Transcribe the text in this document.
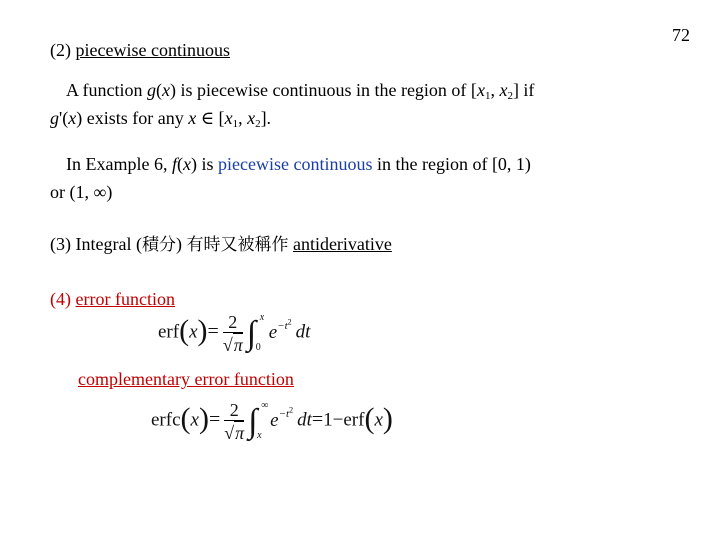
72
(2) piecewise continuous
A function g(x) is piecewise continuous in the region of [$x_1$, $x_2$] if
g'(x) exists for any x ∈ [$x_1$, $x_2$].
In Example 6, f(x) is piecewise continuous in the region of [0, 1)
or (1, ∞)
(3) Integral (積分) 有時又被稱作 antiderivative
(4) error function
$erf(x)= \frac{2}{√\pi}$ ∫ x
0
$e^{-t^2}$ dt
complementary error function
erfc(x)= $\frac{2}{√\pi}$ ∫ ∞
x
$e^{-t^2}$ dt=1−erf(x)
